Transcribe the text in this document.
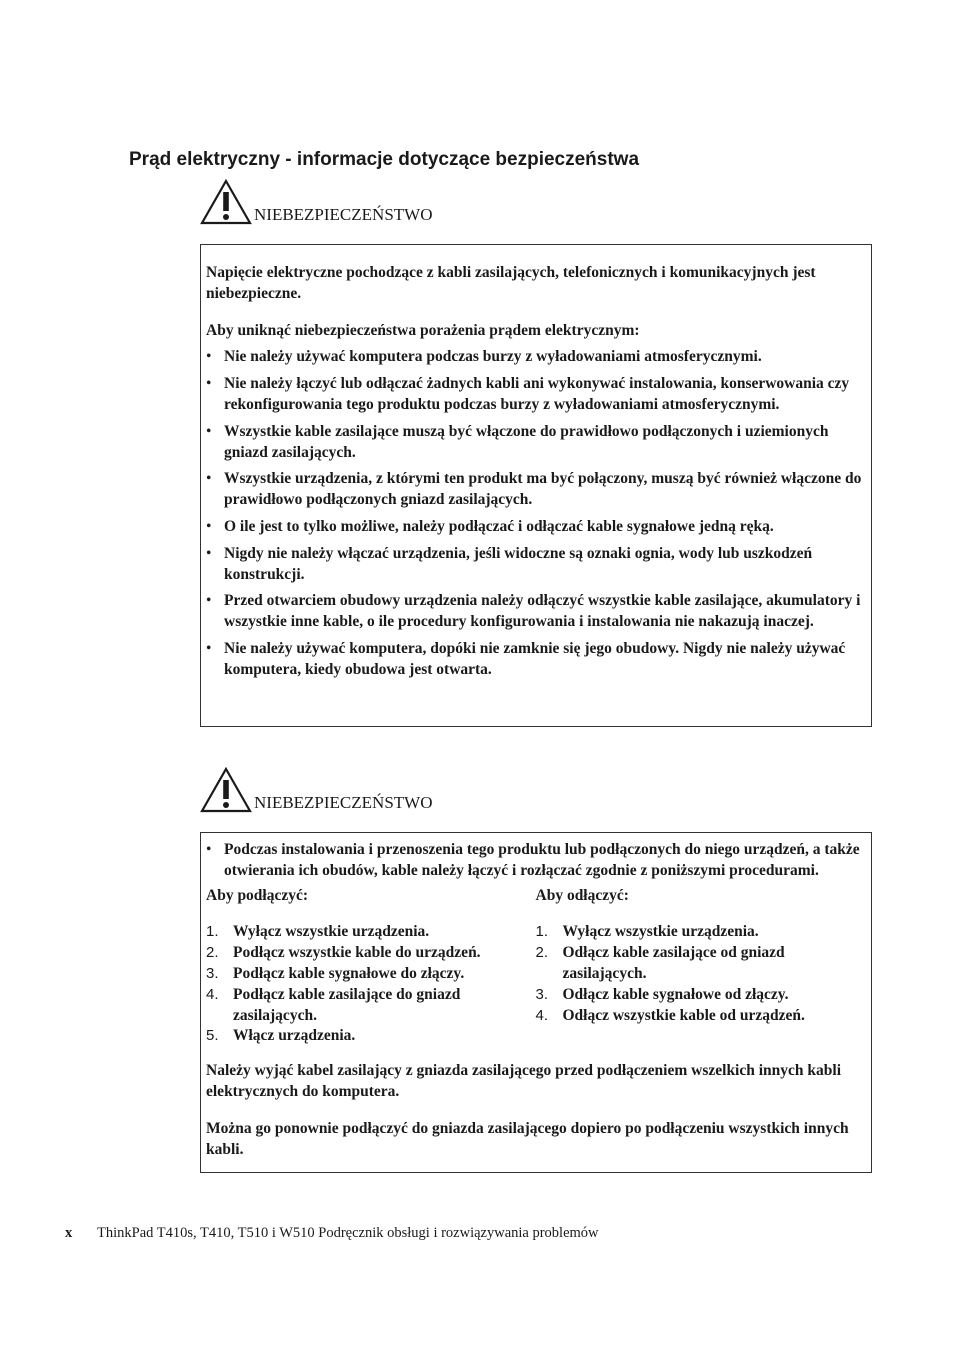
Prąd elektryczny - informacje dotyczące bezpieczeństwa
NIEBEZPIECZEŃSTWO

Napięcie elektryczne pochodzące z kabli zasilających, telefonicznych i komunikacyjnych jest niebezpieczne.

Aby uniknąć niebezpieczeństwa porażenia prądem elektrycznym:

• Nie należy używać komputera podczas burzy z wyładowaniami atmosferycznymi.
• Nie należy łączyć lub odłączać żadnych kabli ani wykonywać instalowania, konserwowania czy rekonfigurowania tego produktu podczas burzy z wyładowaniami atmosferycznymi.
• Wszystkie kable zasilające muszą być włączone do prawidłowo podłączonych i uziemionych gniazd zasilających.
• Wszystkie urządzenia, z którymi ten produkt ma być połączony, muszą być również włączone do prawidłowo podłączonych gniazd zasilających.
• O ile jest to tylko możliwe, należy podłączać i odłączać kable sygnałowe jedną ręką.
• Nigdy nie należy włączać urządzenia, jeśli widoczne są oznaki ognia, wody lub uszkodzeń konstrukcji.
• Przed otwarciem obudowy urządzenia należy odłączyć wszystkie kable zasilające, akumulatory i wszystkie inne kable, o ile procedury konfigurowania i instalowania nie nakazują inaczej.
• Nie należy używać komputera, dopóki nie zamknie się jego obudowy. Nigdy nie należy używać komputera, kiedy obudowa jest otwarta.
NIEBEZPIECZEŃSTWO
• Podczas instalowania i przenoszenia tego produktu lub podłączonych do niego urządzeń, a także otwierania ich obudów, kable należy łączyć i rozłączać zgodnie z poniższymi procedurami.

Aby podłączyć:

1. Wyłącz wszystkie urządzenia.
2. Podłącz wszystkie kable do urządzeń.
3. Podłącz kable sygnałowe do złączy.
4. Podłącz kable zasilające do gniazd zasilających.
5. Włącz urządzenia.

Aby odłączyć:

1. Wyłącz wszystkie urządzenia.
2. Odłącz kable zasilające od gniazd zasilających.
3. Odłącz kable sygnałowe od złączy.
4. Odłącz wszystkie kable od urządzeń.

Należy wyjąć kabel zasilający z gniazda zasilającego przed podłączeniem wszelkich innych kabli elektrycznych do komputera.

Można go ponownie podłączyć do gniazda zasilającego dopiero po podłączeniu wszystkich innych kabli.

x ThinkPad T410s, T410, T510 i W510 Podręcznik obsługi i rozwiązywania problemów
